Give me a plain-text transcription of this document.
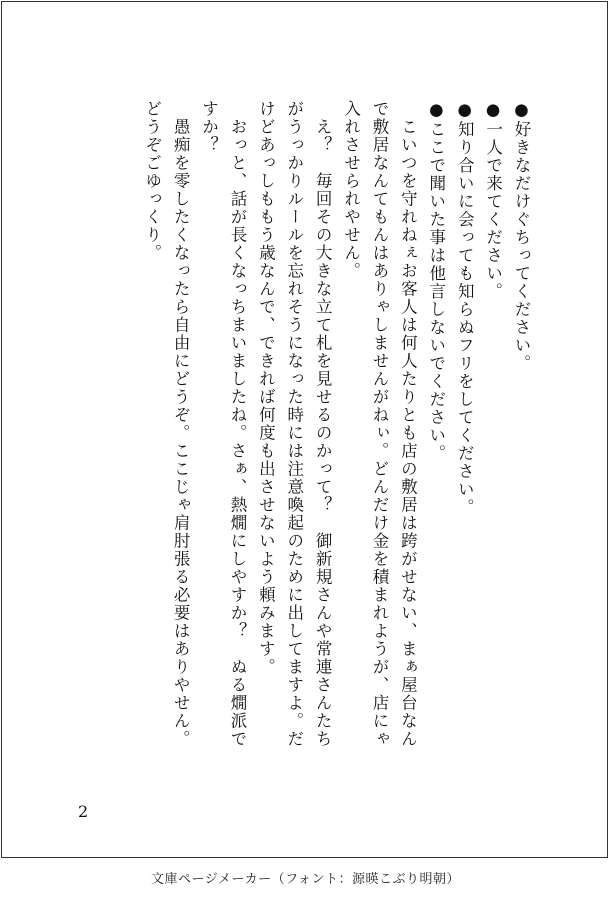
●好きなだけぐちってください。
●一人で来てください。
●知り合いに会っても知らぬフリをしてください。
●ここで聞いた事は他言しないでください。
　こいつを守れねぇお客人は何人たりとも店の敷居は跨がせない、まぁ屋台なん
で敷居なんてもんはありゃしませんがねぃ。どんだけ金を積まれようが、店にゃ
入れさせられやせん。
　え？　毎回その大きな立て札を見せるのかって？　御新規さんや常連さんたち
がうっかりルールを忘れそうになった時には注意喚起のために出してますよ。だ
けどあっしももう歳なんで、できれば何度も出させないよう頼みます。
　おっと、話が長くなっちまいましたね。さぁ、熱燗にしやすか？　ぬる燗派で
すか？
　愚痴を零したくなったら自由にどうぞ。ここじゃ肩肘張る必要はありやせん。
どうぞごゆっくり。
2
文庫ページメーカー（フォント：源暎こぶり明朝）
